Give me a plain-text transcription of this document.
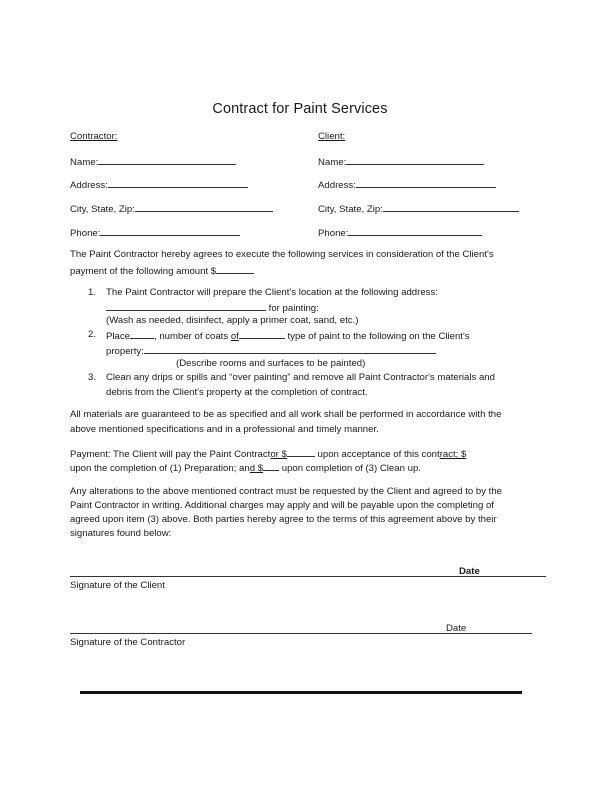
Contract for Paint Services
Contractor:
Name:
Address:
City, State, Zip:
Phone:
Client:
Name:
Address:
City, State, Zip:
Phone:
The Paint Contractor hereby agrees to execute the following services in consideration of the Client's
payment of the following amount $
1. The Paint Contractor will prepare the Client's location at the following address:
for painting:
(Wash as needed, disinfect, apply a primer coat, sand, etc.)
2. Place	, number of coats of	type of paint to the following on the Client's
property:
(Describe rooms and surfaces to be painted)
3. Clean any drips or spills and “over painting” and remove all Paint Contractor's materials and
debris from the Client's property at the completion of contract.
All materials are guaranteed to be as specified and all work shall be performed in accordance with the
above mentioned specifications and in a professional and timely manner.
Payment: The Client will pay the Paint Contractor $	upon acceptance of this contract; $
upon the completion of (1) Preparation; and $ upon completion of (3) Clean up.
Any alterations to the above mentioned contract must be requested by the Client and agreed to by the
Paint Contractor in writing. Additional charges may apply and will be payable upon the completing of
agreed upon item (3) above. Both parties hereby agree to the terms of this agreement above by their
signatures found below:
Date
Signature of the Client
Date
Signature of the Contractor
